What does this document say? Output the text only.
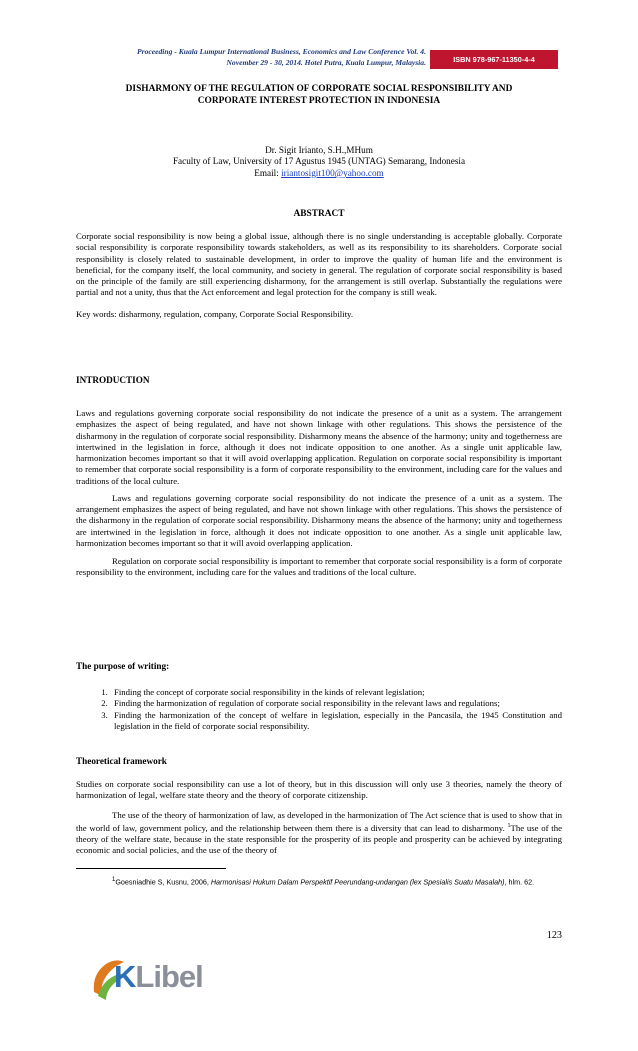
Proceeding - Kuala Lumpur International Business, Economics and Law Conference Vol. 4.
November 29 - 30, 2014. Hotel Putra, Kuala Lumpur, Malaysia.	ISBN 978-967-11350-4-4
DISHARMONY OF THE REGULATION OF CORPORATE SOCIAL RESPONSIBILITY AND
CORPORATE INTEREST PROTECTION IN INDONESIA
Dr. Sigit Irianto, S.H.,MHum
Faculty of Law, University of 17 Agustus 1945 (UNTAG) Semarang, Indonesia
Email: iriantosigit100@yahoo.com
ABSTRACT

Corporate social responsibility is now being a global issue, although there is no single understanding is acceptable globally. Corporate social responsibility is corporate responsibility towards stakeholders, as well as its responsibility to its shareholders. Corporate social responsibility is closely related to sustainable development, in order to improve the quality of human life and the environment is beneficial, for the company itself, the local community, and society in general. The regulation of corporate social responsibility is based on the principle of the family are still experiencing disharmony, for the arrangement is still overlap. Substantially the regulations were partial and not a unity, thus that the Act enforcement and legal protection for the company is still weak.

Key words: disharmony, regulation, company, Corporate Social Responsibility.

INTRODUCTION

Laws and regulations governing corporate social responsibility do not indicate the presence of a unit as a system. The arrangement emphasizes the aspect of being regulated, and have not shown linkage with other regulations. This shows the persistence of the disharmony in the regulation of corporate social responsibility. Disharmony means the absence of the harmony; unity and togetherness are intertwined in the legislation in force, although it does not indicate opposition to one another. As a single unit applicable law, harmonization becomes important so that it will avoid overlapping application. Regulation on corporate social responsibility is important to remember that corporate social responsibility is a form of corporate responsibility to the environment, including care for the values and traditions of the local culture.

Laws and regulations governing corporate social responsibility do not indicate the presence of a unit as a system. The arrangement emphasizes the aspect of being regulated, and have not shown linkage with other regulations. This shows the persistence of the disharmony in the regulation of corporate social responsibility. Disharmony means the absence of the harmony; unity and togetherness are intertwined in the legislation in force, although it does not indicate opposition to one another. As a single unit applicable law, harmonization becomes important so that it will avoid overlapping application.

Regulation on corporate social responsibility is important to remember that corporate social responsibility is a form of corporate responsibility to the environment, including care for the values and traditions of the local culture.

The purpose of writing:
1. Finding the concept of corporate social responsibility in the kinds of relevant legislation;
2. Finding the harmonization of regulation of corporate social responsibility in the relevant laws and regulations;
3. Finding the harmonization of the concept of welfare in legislation, especially in the Pancasila, the 1945 Constitution and legislation in the field of corporate social responsibility.
Theoretical framework

Studies on corporate social responsibility can use a lot of theory, but in this discussion will only use 3 theories, namely the theory of harmonization of legal, welfare state theory and the theory of corporate citizenship.

The use of the theory of harmonization of law, as developed in the harmonization of The Act science that is used to show that in the world of law, government policy, and the relationship between them there is a diversity that can lead to disharmony. $^1$The use of the theory of the welfare state, because in the state responsible for the prosperity of its people and prosperity can be achieved by integrating economic and social policies, and the use of the theory of

$^1$Goesniadhie S, Kusnu, 2006, Harmonisasi Hukum Dalam Perspektif Peerundang-undangan (lex Spesialis Suatu Masalah), hlm. 62.
123
KLibel
